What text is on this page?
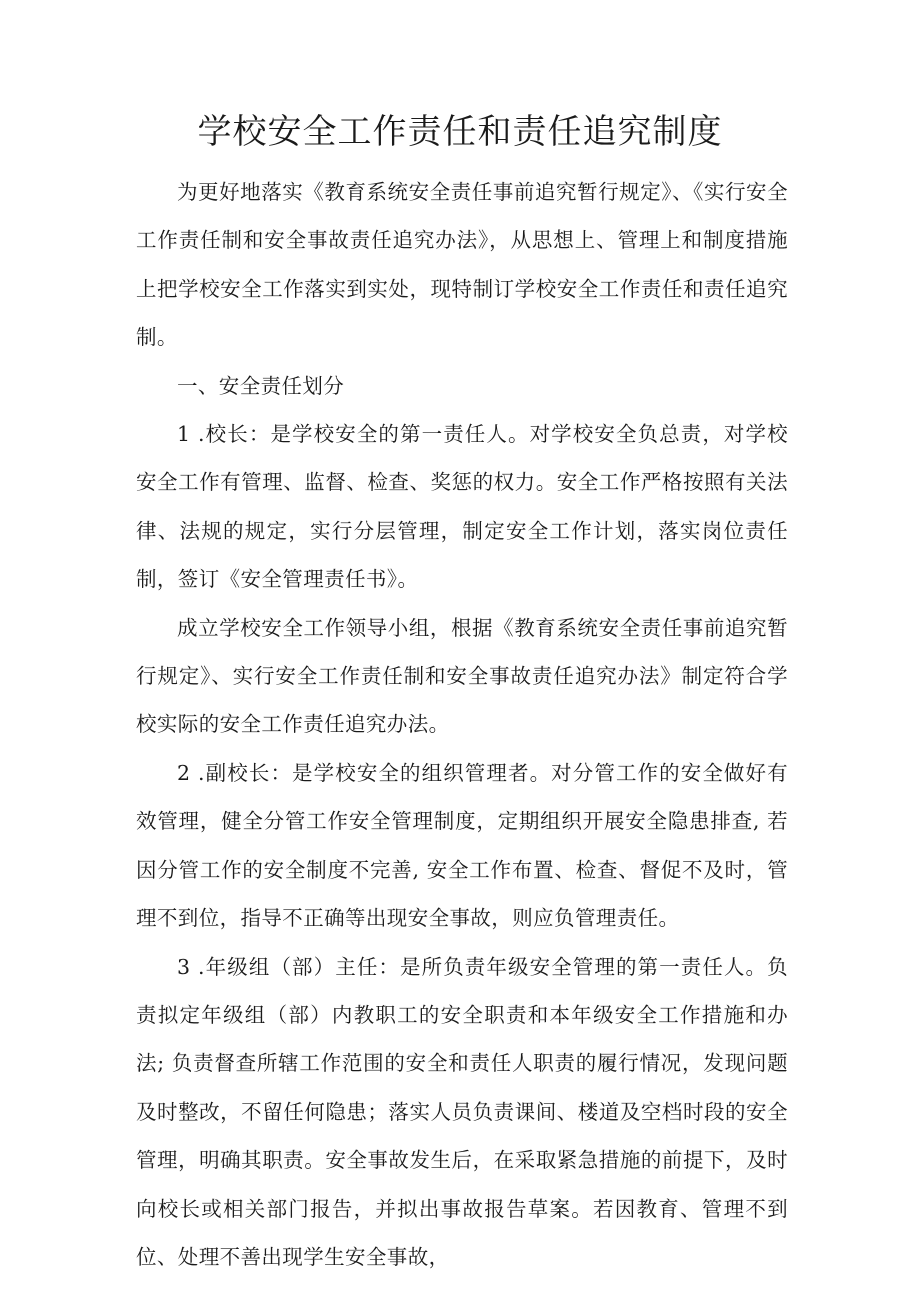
学校安全工作责任和责任追究制度

为更好地落实《教育系统安全责任事前追究暂行规定》、《实行安全工作责任制和安全事故责任追究办法》，从思想上、管理上和制度措施上把学校安全工作落实到实处，现特制订学校安全工作责任和责任追究制。

一、安全责任划分

1 .校长：是学校安全的第一责任人。对学校安全负总责，对学校安全工作有管理、监督、检查、奖惩的权力。安全工作严格按照有关法律、法规的规定，实行分层管理，制定安全工作计划，落实岗位责任制，签订《安全管理责任书》。

成立学校安全工作领导小组，根据《教育系统安全责任事前追究暂行规定》、实行安全工作责任制和安全事故责任追究办法》制定符合学校实际的安全工作责任追究办法。

2 .副校长：是学校安全的组织管理者。对分管工作的安全做好有效管理，健全分管工作安全管理制度，定期组织开展安全隐患排查, 若因分管工作的安全制度不完善, 安全工作布置、检查、督促不及时，管理不到位，指导不正确等出现安全事故，则应负管理责任。

3 .年级组（部）主任：是所负责年级安全管理的第一责任人。负责拟定年级组（部）内教职工的安全职责和本年级安全工作措施和办法; 负责督查所辖工作范围的安全和责任人职责的履行情况，发现问题及时整改，不留任何隐患；落实人员负责课间、楼道及空档时段的安全管理，明确其职责。安全事故发生后，在采取紧急措施的前提下，及时向校长或相关部门报告，并拟出事故报告草案。若因教育、管理不到位、处理不善出现学生安全事故，
